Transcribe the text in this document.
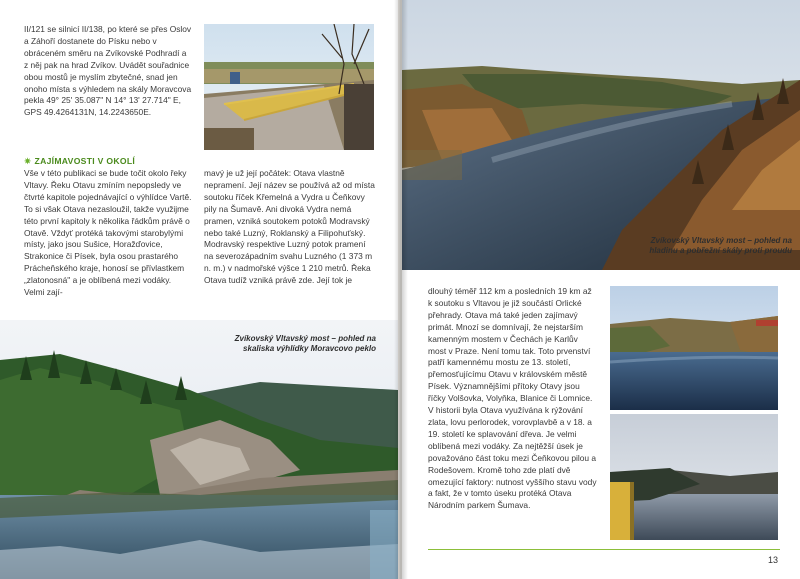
II/121 se silnicí II/138, po které se přes Oslov a Záhoří dostanete do Písku nebo v obráceném směru na Zvíkovské Podhradí a z něj pak na hrad Zvíkov. Uvádět souřadnice obou mostů je myslím zbytečné, snad jen onoho místa s výhledem na skály Moravcova pekla 49° 25' 35.087" N 14° 13' 27.714" E, GPS 49.4264131N, 14.2243650E.

✷ ZAJÍMAVOSTI V OKOLÍ

Vše v této publikaci se bude točit okolo řeky Vltavy. Řeku Otavu zmíním nepopsledy ve čtvrté kapitole pojednávající o výhlídce Vartě. To si však Otava nezasloužil, takže využijme této první kapitoly k několika řádkům právě o Otavě. Vždyť protéká takovými starobylými místy, jako jsou Sušice, Horažďovice, Strakonice či Písek, byla osou prastarého Prácheňského kraje, honosí se přívlastkem „zlatonosná" a je oblíbená mezi vodáky. Velmi zají-

mavý je už její počátek: Otava vlastně nepramení. Její název se používá až od místa soutoku říček Křemelná a Vydra u Čeňkovy pily na Šumavě. Ani divoká Vydra nemá pramen, vzniká soutokem potoků Modravský nebo také Luzný, Roklanský a Filipohuťský. Modravský respektive Luzný potok pramení na severozápadním svahu Luzného (1 373 m n. m.) v nadmořské výšce 1 210 metrů. Řeka Otava tudíž vzniká právě zde. Její tok je

Zvíkovský Vltavský most – pohled na skaliska výhlídky Moravcovo peklo
Zvíkovský Vltavský most – pohled na hladinu a pobřežní skály proti proudu

dlouhý téměř 112 km a posledních 19 km až k soutoku s Vltavou je již součástí Orlické přehrady. Otava má také jeden zajímavý primát. Mnozí se domnívají, že nejstarším kamenným mostem v Čechách je Karlův most v Praze. Není tomu tak. Toto prvenství patří kamennému mostu ze 13. století, přemosťujícímu Otavu v královském městě Písek. Významnějšími přítoky Otavy jsou říčky Volšovka, Volyňka, Blanice či Lomnice. V historii byla Otava využívána k rýžování zlata, lovu perlorodek, vorovplavbě a v 18. a 19. století ke splavování dřeva. Je velmi oblíbená mezi vodáky. Za nejtěžší úsek je považováno část toku mezi Čeňkovou pilou a Rodešovem. Kromě toho zde platí dvě omezující faktory: nutnost vyššího stavu vody a fakt, že v tomto úseku protéká Otava Národním parkem Šumava.

13
